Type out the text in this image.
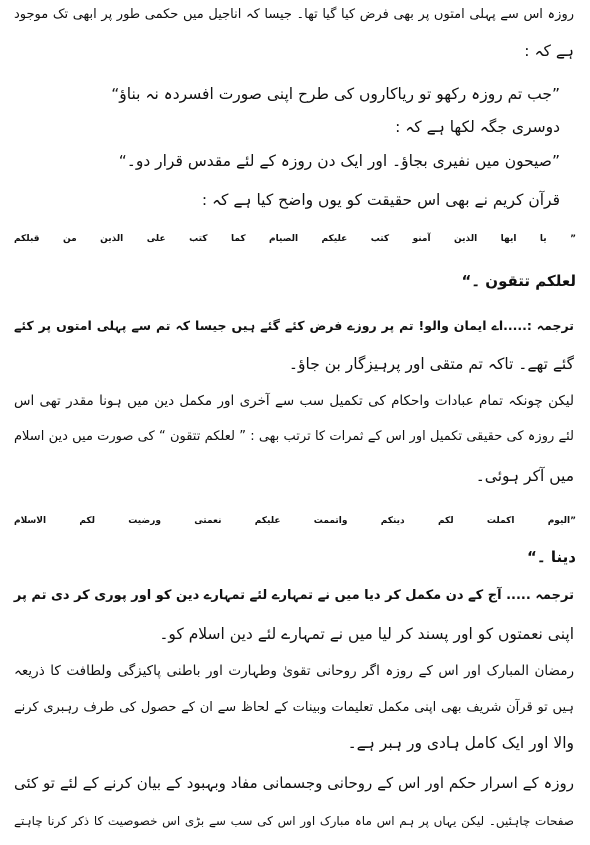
روزہ اس سے پہلی امتوں پر بھی فرض کیا گیا تھا۔ جیسا کہ اناجیل میں حکمی طور پر ابھی تک موجود
ہے کہ :
”جب تم روزہ رکھو تو ریاکاروں کی طرح اپنی صورت افسردہ نہ بناؤ“
دوسری جگہ لکھا ہے کہ :
”صیحون میں نفیری بجاؤ۔ اور ایک دن روزہ کے لئے مقدس قرار دو۔“
قرآن کریم نے بھی اس حقیقت کو یوں واضح کیا ہے کہ :
” یا ایھا الذین آمنو کتب علیکم الصیام کما کتب علی الذین من قبلکم
لعلکم تتقون ۔“
ترجمہ :.....اے ایمان والو! تم پر روزے فرض کئے گئے ہیں جیسا کہ تم سے پہلی امتوں پر کئے
گئے تھے۔ تاکہ تم متقی اور پرہیزگار بن جاؤ۔
لیکن چونکہ تمام عبادات واحکام کی تکمیل سب سے آخری اور مکمل دین میں ہونا مقدر تھی اس
لئے روزہ کی حقیقی تکمیل اور اس کے ثمرات کا ترتب بھی : ” لعلکم تتقون “ کی صورت میں دین اسلام
میں آکر ہوئی۔
”الیوم اکملت لکم دینکم واتممت علیکم نعمتی ورضیت لکم الاسلام
دینا ۔“
ترجمہ ..... آج کے دن مکمل کر دیا میں نے تمہارے لئے تمہارے دین کو اور پوری کر دی تم پر
اپنی نعمتوں کو اور پسند کر لیا میں نے تمہارے لئے دین اسلام کو۔
رمضان المبارک اور اس کے روزہ اگر روحانی تقویٰ وطہارت اور باطنی پاکیزگی ولطافت کا ذریعہ
ہیں تو قرآن شریف بھی اپنی مکمل تعلیمات وبینات کے لحاظ سے ان کے حصول کی طرف رہبری کرنے
والا اور ایک کامل ہادی ور ہبر ہے۔
روزہ کے اسرار حکم اور اس کے روحانی وجسمانی مفاد وبہبود کے بیان کرنے کے لئے تو کئی
صفحات چاہئیں۔ لیکن یہاں پر ہم اس ماہ مبارک اور اس کی سب سے بڑی اس خصوصیت کا ذکر کرنا چاہتے
